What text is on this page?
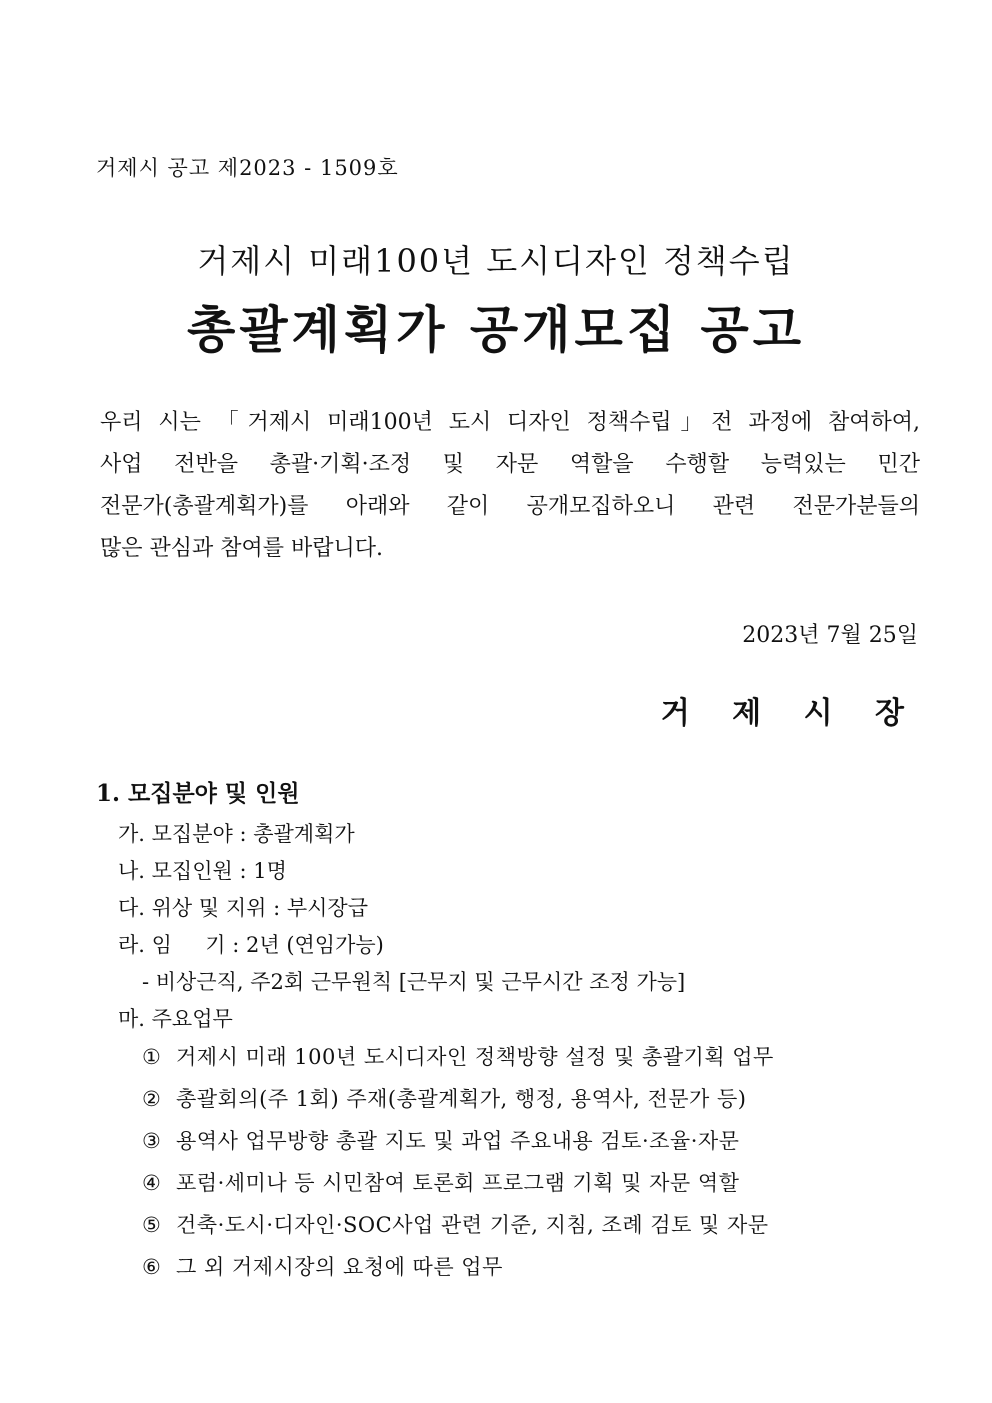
거제시 공고 제2023 - 1509호
거제시 미래100년 도시디자인 정책수립
총괄계획가 공개모집 공고
우리 시는 「거제시 미래100년 도시 디자인 정책수립」전 과정에 참여하여,
사업 전반을 총괄·기획·조정 및 자문 역할을 수행할 능력있는 민간
전문가(총괄계획가)를 아래와 같이 공개모집하오니 관련 전문가분들의
많은 관심과 참여를 바랍니다.
2023년 7월 25일
거 제 시 장
1. 모집분야 및 인원
가. 모집분야 : 총괄계획가
나. 모집인원 : 1명
다. 위상 및 지위 : 부시장급
라. 임     기 : 2년 (연임가능)
- 비상근직, 주2회 근무원칙 [근무지 및 근무시간 조정 가능]
마. 주요업무
① 거제시 미래 100년 도시디자인 정책방향 설정 및 총괄기획 업무
② 총괄회의(주 1회) 주재(총괄계획가, 행정, 용역사, 전문가 등)
③ 용역사 업무방향 총괄 지도 및 과업 주요내용 검토·조율·자문
④ 포럼·세미나 등 시민참여 토론회 프로그램 기획 및 자문 역할
⑤ 건축·도시·디자인·SOC사업 관련 기준, 지침, 조례 검토 및 자문
⑥ 그 외 거제시장의 요청에 따른 업무
